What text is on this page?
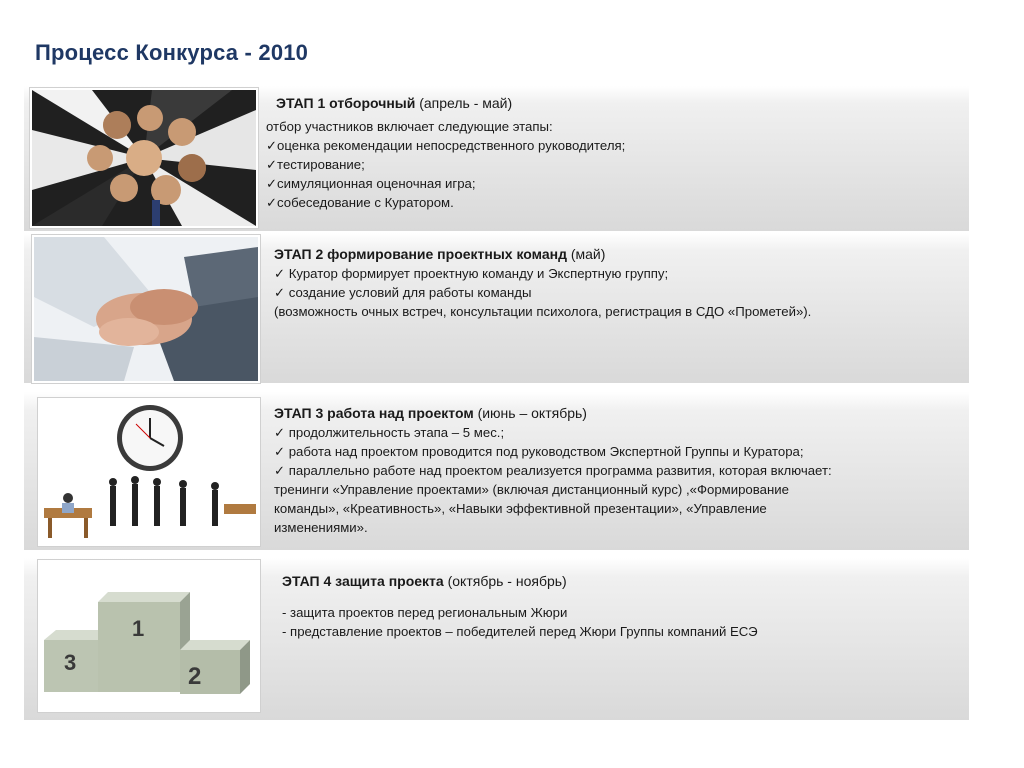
Процесс Конкурса - 2010

ЭТАП 1 отборочный (апрель - май)

отбор участников включает следующие этапы:

✓оценка рекомендации непосредственного руководителя;

✓тестирование;

✓симуляционная оценочная игра;

✓собеседование с Куратором.

ЭТАП 2 формирование проектных команд (май)

✓ Куратор формирует проектную команду и Экспертную группу;

✓ создание условий для работы команды

(возможность очных встреч, консультации психолога, регистрация в СДО «Прометей»).

ЭТАП 3 работа над проектом (июнь – октябрь)

✓ продолжительность этапа – 5 мес.;

✓ работа над проектом проводится под руководством Экспертной Группы и Куратора;

✓ параллельно работе над проектом реализуется программа развития, которая включает:

тренинги «Управление проектами» (включая дистанционный курс) ,«Формирование

команды», «Креативность», «Навыки эффективной презентации», «Управление

изменениями».

1
2
3

ЭТАП 4 защита проекта (октябрь - ноябрь)

- защита проектов перед региональным Жюри

- представление проектов – победителей перед Жюри Группы компаний ЕСЭ
